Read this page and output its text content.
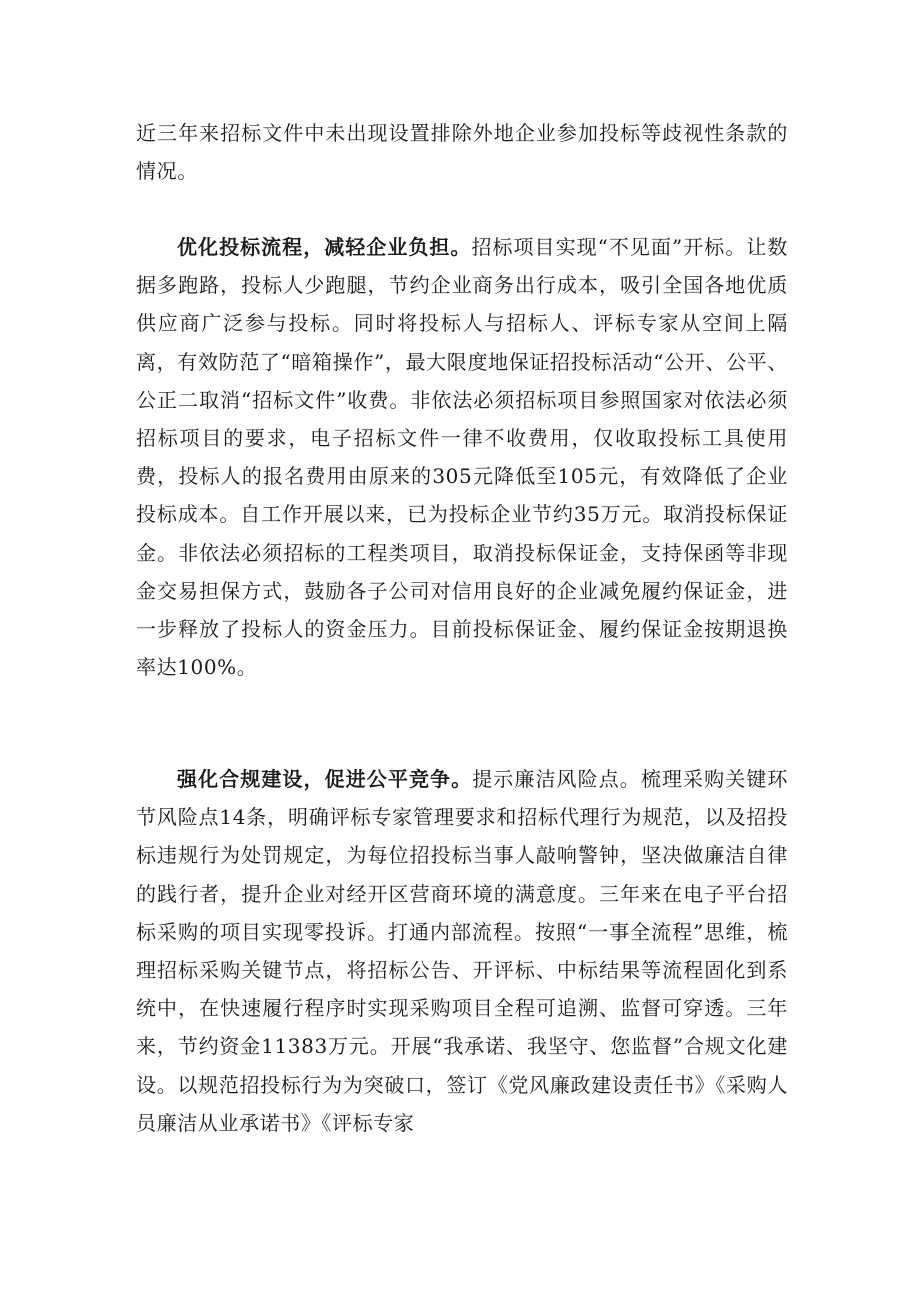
近三年来招标文件中未出现设置排除外地企业参加投标等歧视性条款的情况。

优化投标流程，减轻企业负担。招标项目实现“不见面”开标。让数据多跑路，投标人少跑腿，节约企业商务出行成本，吸引全国各地优质供应商广泛参与投标。同时将投标人与招标人、评标专家从空间上隔离，有效防范了“暗箱操作”，最大限度地保证招投标活动“公开、公平、公正二取消“招标文件”收费。非依法必须招标项目参照国家对依法必须招标项目的要求，电子招标文件一律不收费用，仅收取投标工具使用费，投标人的报名费用由原来的305元降低至105元，有效降低了企业投标成本。自工作开展以来，已为投标企业节约35万元。取消投标保证金。非依法必须招标的工程类项目，取消投标保证金，支持保函等非现金交易担保方式，鼓励各子公司对信用良好的企业减免履约保证金，进一步释放了投标人的资金压力。目前投标保证金、履约保证金按期退换率达100%。

强化合规建设，促进公平竞争。提示廉洁风险点。梳理采购关键环节风险点14条，明确评标专家管理要求和招标代理行为规范，以及招投标违规行为处罚规定，为每位招投标当事人敲响警钟，坚决做廉洁自律的践行者，提升企业对经开区营商环境的满意度。三年来在电子平台招标采购的项目实现零投诉。打通内部流程。按照“一事全流程”思维，梳理招标采购关键节点，将招标公告、开评标、中标结果等流程固化到系统中，在快速履行程序时实现采购项目全程可追溯、监督可穿透。三年来，节约资金11383万元。开展“我承诺、我坚守、您监督”合规文化建设。以规范招投标行为为突破口，签订《党风廉政建设责任书》《采购人员廉洁从业承诺书》《评标专家
